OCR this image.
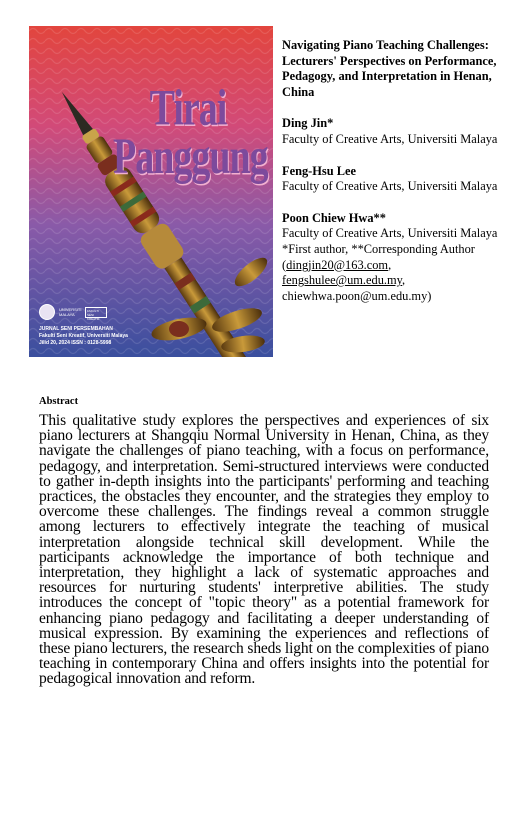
Tirai
Panggung
UNIVERSITI MALAYA
FAKULTI SENI KREATIF
JURNAL SENI PERSEMBAHAN
Fakulti Seni Kreatif, Universiti Malaya
Jilid 20, 2024 ISSN : 0128-5998
Navigating Piano Teaching Challenges: Lecturers' Perspectives on Performance, Pedagogy, and Interpretation in Henan, China
Ding Jin*
Faculty of Creative Arts, Universiti Malaya
Feng-Hsu Lee
Faculty of Creative Arts, Universiti Malaya
Poon Chiew Hwa**
Faculty of Creative Arts, Universiti Malaya
*First author, **Corresponding Author
(dingjin20@163.com,
fengshulee@um.edu.my,
chiewhwa.poon@um.edu.my)
Abstract
This qualitative study explores the perspectives and experiences of six piano lecturers at Shangqiu Normal University in Henan, China, as they navigate the challenges of piano teaching, with a focus on performance, pedagogy, and interpretation. Semi-structured interviews were conducted to gather in-depth insights into the participants' performing and teaching practices, the obstacles they encounter, and the strategies they employ to overcome these challenges. The findings reveal a common struggle among lecturers to effectively integrate the teaching of musical interpretation alongside technical skill development. While the participants acknowledge the importance of both technique and interpretation, they highlight a lack of systematic approaches and resources for nurturing students' interpretive abilities. The study introduces the concept of "topic theory" as a potential framework for enhancing piano pedagogy and facilitating a deeper understanding of musical expression. By examining the experiences and reflections of these piano lecturers, the research sheds light on the complexities of piano teaching in contemporary China and offers insights into the potential for pedagogical innovation and reform.
